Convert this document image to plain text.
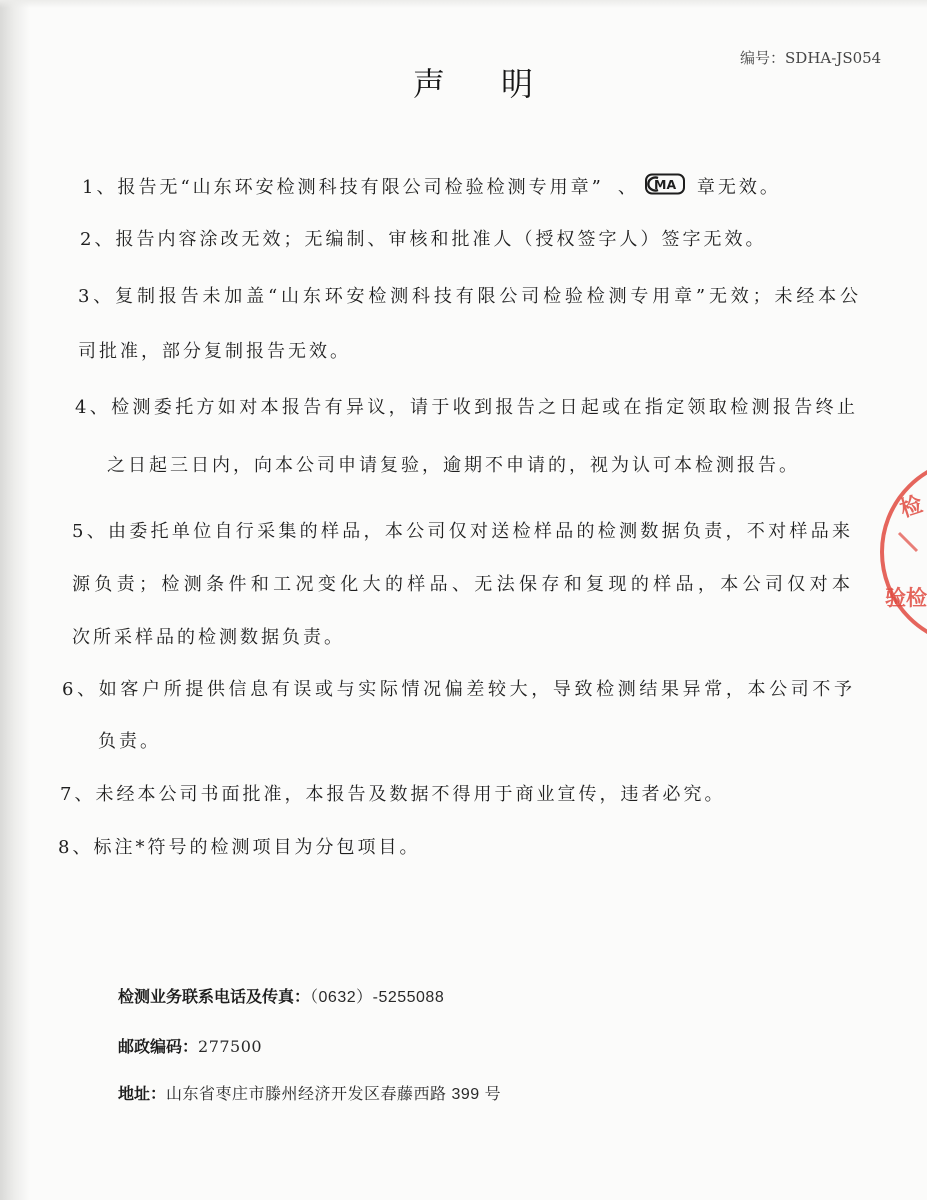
编号：SDHA-JS054
声明
1、报告无“山东环安检测科技有限公司检验检测专用章” 、 MA 章无效。
2、报告内容涂改无效；无编制、审核和批准人（授权签字人）签字无效。
3、复制报告未加盖“山东环安检测科技有限公司检验检测专用章”无效；未经本公
司批准，部分复制报告无效。
4、检测委托方如对本报告有异议，请于收到报告之日起或在指定领取检测报告终止
之日起三日内，向本公司申请复验，逾期不申请的，视为认可本检测报告。
5、由委托单位自行采集的样品，本公司仅对送检样品的检测数据负责，不对样品来
源负责；检测条件和工况变化大的样品、无法保存和复现的样品，本公司仅对本
次所采样品的检测数据负责。
6、如客户所提供信息有误或与实际情况偏差较大，导致检测结果异常，本公司不予
负责。
7、未经本公司书面批准，本报告及数据不得用于商业宣传，违者必究。
8、标注*符号的检测项目为分包项目。
检测业务联系电话及传真：（0632）-5255088
邮政编码：277500
地址：山东省枣庄市滕州经济开发区春藤西路 399 号
检
验检
